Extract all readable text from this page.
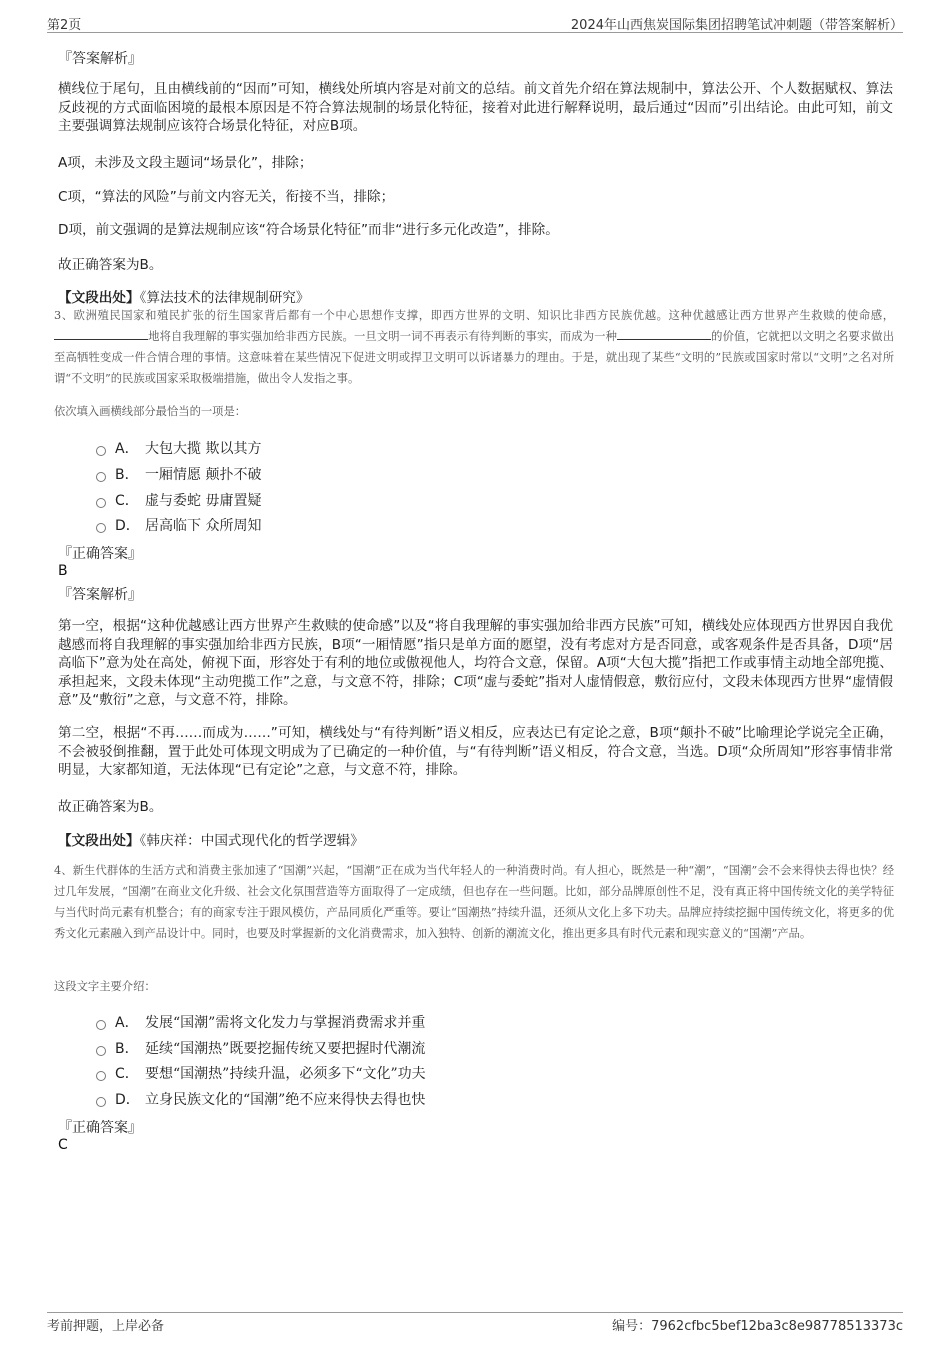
第2页	2024年山西焦炭国际集团招聘笔试冲刺题（带答案解析）
『答案解析』
横线位于尾句，且由横线前的“因而”可知，横线处所填内容是对前文的总结。前文首先介绍在算法规制中，算法公开、个人数据赋权、算法反歧视的方式面临困境的最根本原因是不符合算法规制的场景化特征，接着对此进行解释说明，最后通过“因而”引出结论。由此可知，前文主要强调算法规制应该符合场景化特征，对应B项。
A项，未涉及文段主题词“场景化”，排除；
C项，“算法的风险”与前文内容无关，衔接不当，排除；
D项，前文强调的是算法规制应该“符合场景化特征”而非“进行多元化改造”，排除。
故正确答案为B。
【文段出处】《算法技术的法律规制研究》
3、欧洲殖民国家和殖民扩张的衍生国家背后都有一个中心思想作支撑，即西方世界的文明、知识比非西方民族优越。这种优越感让西方世界产生救赎的使命感，地将自我理解的事实强加给非西方民族。一旦文明一词不再表示有待判断的事实，而成为一种	的价值，它就把以文明之名要求做出至高牺牲变成一件合情合理的事情。这意味着在某些情况下促进文明或捍卫文明可以诉诸暴力的理由。于是，就出现了某些“文明的”民族或国家时常以“文明”之名对所谓“不文明”的民族或国家采取极端措施，做出令人发指之事。
依次填入画横线部分最恰当的一项是：
A． 大包大揽 欺以其方
B． 一厢情愿 颠扑不破
C． 虚与委蛇 毋庸置疑
D． 居高临下 众所周知
『正确答案』
B
『答案解析』
第一空，根据“这种优越感让西方世界产生救赎的使命感”以及“将自我理解的事实强加给非西方民族”可知，横线处应体现西方世界因自我优越感而将自我理解的事实强加给非西方民族，B项“一厢情愿”指只是单方面的愿望，没有考虑对方是否同意，或客观条件是否具备，D项“居高临下”意为处在高处，俯视下面，形容处于有利的地位或傲视他人，均符合文意，保留。A项“大包大揽”指把工作或事情主动地全部兜揽、承担起来，文段未体现“主动兜揽工作”之意，与文意不符，排除；C项“虚与委蛇”指对人虚情假意，敷衍应付，文段未体现西方世界“虚情假意”及“敷衍”之意，与文意不符，排除。
第二空，根据“不再……而成为……”可知，横线处与“有待判断”语义相反，应表达已有定论之意，B项“颠扑不破”比喻理论学说完全正确，不会被驳倒推翻，置于此处可体现文明成为了已确定的一种价值，与“有待判断”语义相反，符合文意，当选。D项“众所周知”形容事情非常明显，大家都知道，无法体现“已有定论”之意，与文意不符，排除。
故正确答案为B。
【文段出处】《韩庆祥：中国式现代化的哲学逻辑》
4、新生代群体的生活方式和消费主张加速了“国潮”兴起，“国潮”正在成为当代年轻人的一种消费时尚。有人担心，既然是一种“潮”，“国潮”会不会来得快去得也快？经过几年发展，“国潮”在商业文化升级、社会文化氛围营造等方面取得了一定成绩，但也存在一些问题。比如，部分品牌原创性不足，没有真正将中国传统文化的美学特征与当代时尚元素有机整合；有的商家专注于跟风模仿，产品同质化严重等。要让“国潮热”持续升温，还须从文化上多下功夫。品牌应持续挖掘中国传统文化，将更多的优秀文化元素融入到产品设计中。同时，也要及时掌握新的文化消费需求，加入独特、创新的潮流文化，推出更多具有时代元素和现实意义的“国潮”产品。
这段文字主要介绍：
A． 发展“国潮”需将文化发力与掌握消费需求并重
B． 延续“国潮热”既要挖掘传统又要把握时代潮流
C． 要想“国潮热”持续升温，必须多下“文化”功夫
D． 立身民族文化的“国潮”绝不应来得快去得也快
『正确答案』
C
考前押题，上岸必备	编号：7962cfbc5bef12ba3c8e98778513373c
